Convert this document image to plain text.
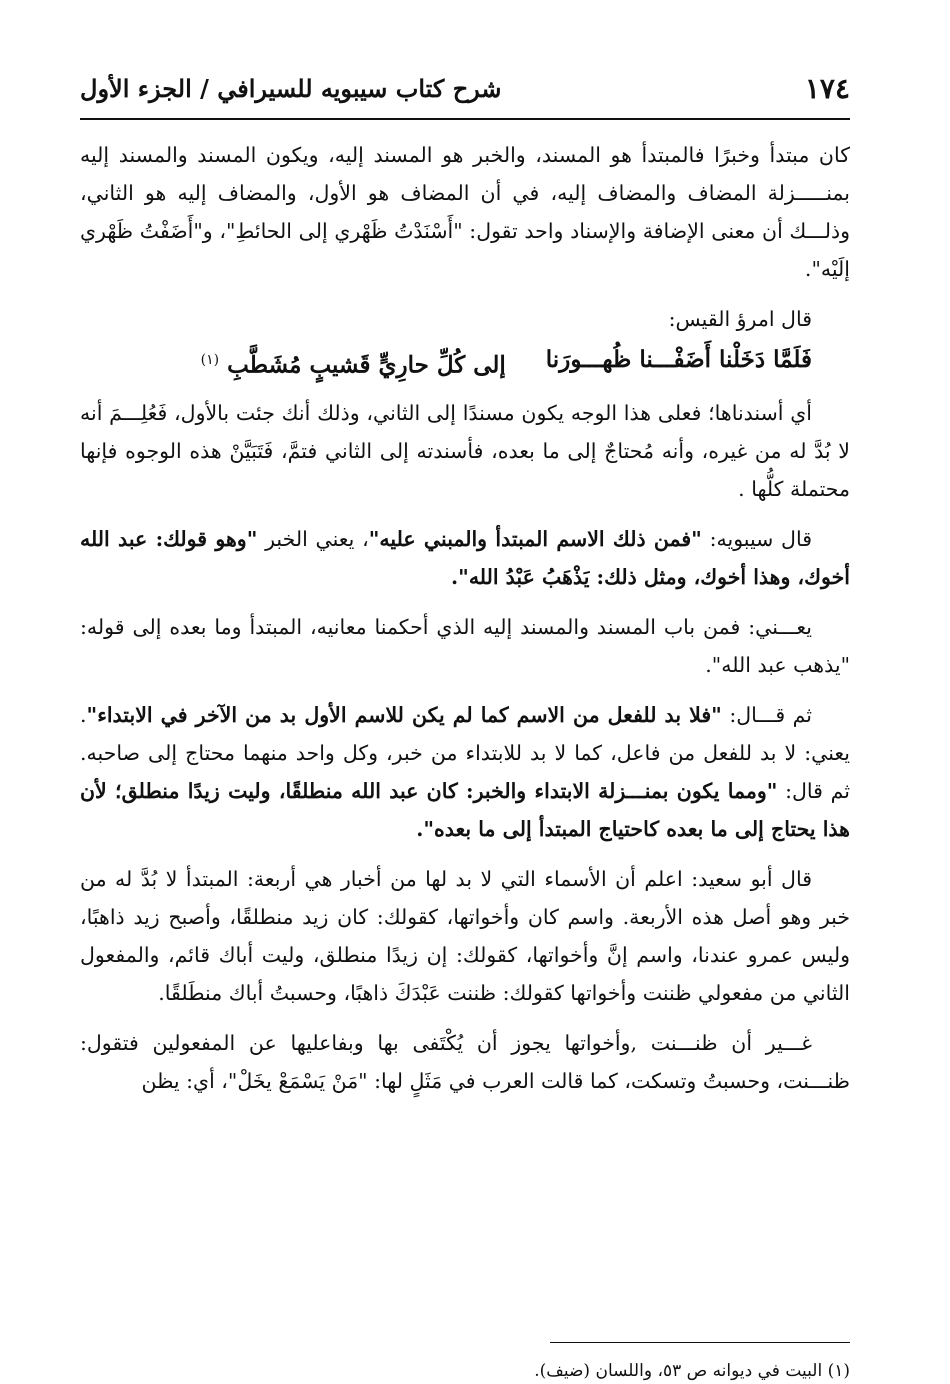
١٧٤
شرح كتاب سيبويه للسيرافي / الجزء الأول

كان مبتدأ وخبرًا فالمبتدأ هو المسند، والخبر هو المسند إليه، ويكون المسند والمسند إليه بمنـــــزلة المضاف والمضاف إليه، في أن المضاف هو الأول، والمضاف إليه هو الثاني، وذلـــك أن معنى الإضافة والإسناد واحد تقول: "أَسْنَدْتُ ظَهْري إلى الحائطِ"، و"أَضَفْتُ ظَهْري إلَيْه".

قال امرؤ القيس:

فَلَمَّا دَخَلْنا أَضَفْـــنا ظُهـــورَنا
إلى كُلِّ حارِيٍّ قَشيبٍ مُشَطَّبِ $^{(١)}$

أي أسندناها؛ فعلى هذا الوجه يكون مسندًا إلى الثاني، وذلك أنك جئت بالأول، فَعُلِـــمَ أنه لا بُدَّ له من غيره، وأنه مُحتاجٌ إلى ما بعده، فأسندته إلى الثاني فتمَّ، فَتَبَيَّنْ هذه الوجوه فإنها محتملة كلُّها .

قال سيبويه: "فمن ذلك الاسم المبتدأ والمبني عليه"، يعني الخبر "وهو قولك: عبد الله أخوك، وهذا أخوك، ومثل ذلك: يَذْهَبُ عَبْدُ الله".

يعـــني: فمن باب المسند والمسند إليه الذي أحكمنا معانيه، المبتدأ وما بعده إلى قوله: "يذهب عبد الله".

ثم قـــال: "فلا بد للفعل من الاسم كما لم يكن للاسم الأول بد من الآخر في الابتداء". يعني: لا بد للفعل من فاعل، كما لا بد للابتداء من خبر، وكل واحد منهما محتاج إلى صاحبه. ثم قال: "ومما يكون بمنـــزلة الابتداء والخبر: كان عبد الله منطلقًا، وليت زيدًا منطلق؛ لأن هذا يحتاج إلى ما بعده كاحتياج المبتدأ إلى ما بعده".

قال أبو سعيد: اعلم أن الأسماء التي لا بد لها من أخبار هي أربعة: المبتدأ لا بُدَّ له من خبر وهو أصل هذه الأربعة. واسم كان وأخواتها، كقولك: كان زيد منطلقًا، وأصبح زيد ذاهبًا، وليس عمرو عندنا، واسم إنَّ وأخواتها، كقولك: إن زيدًا منطلق، وليت أباك قائم، والمفعول الثاني من مفعولي ظننت وأخواتها كقولك: ظننت عَبْدَكَ ذاهبًا، وحسبتُ أباك منطَلقًا.

غـــير أن ظنـــنت ,وأخواتها يجوز أن يُكْتَفى بها وبفاعليها عن المفعولين فتقول: ظنـــنت، وحسبتُ وتسكت، كما قالت العرب في مَثَلٍ لها: "مَنْ يَسْمَعْ يخَلْ"، أي: يظن

(١) البيت في ديوانه ص ٥٣، واللسان (ضيف).
